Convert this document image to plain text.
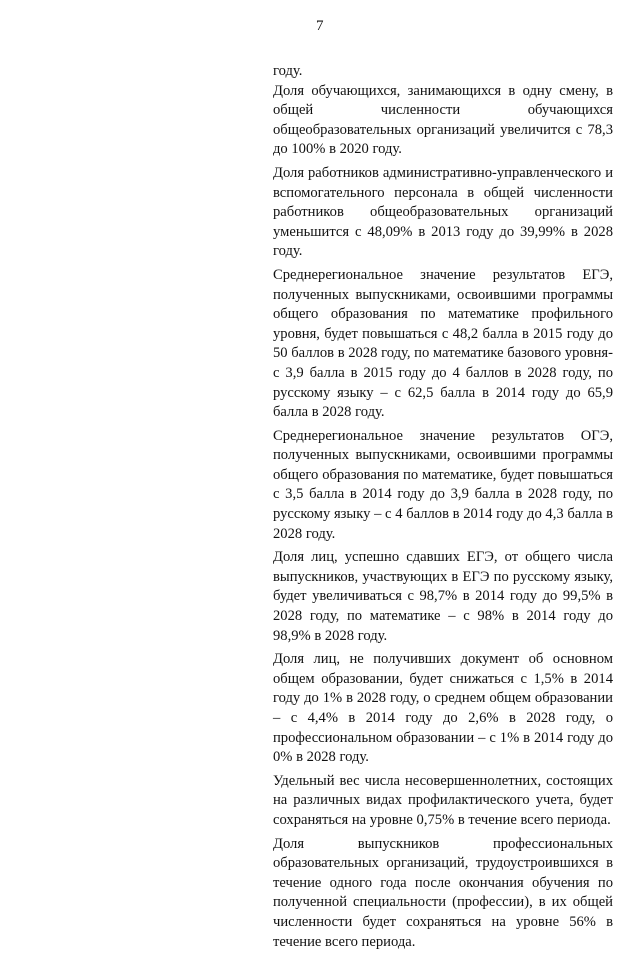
7

году.

Доля обучающихся, занимающихся в одну смену, в общей численности обучающихся общеобразовательных организаций увеличится с 78,3 до 100% в 2020 году.

Доля работников административно-управленческого и вспомогательного персонала в общей численности работников общеобразовательных организаций уменьшится с 48,09% в 2013 году до 39,99% в 2028 году.

Среднерегиональное значение результатов ЕГЭ, полученных выпускниками, освоившими программы общего образования по математике профильного уровня, будет повышаться с 48,2 балла в 2015 году до 50 баллов в 2028 году, по математике базового уровня-с 3,9 балла в 2015 году до 4 баллов в 2028 году, по русскому языку – с 62,5 балла в 2014 году до 65,9 балла в 2028 году.

Среднерегиональное значение результатов ОГЭ, полученных выпускниками, освоившими программы общего образования по математике, будет повышаться с 3,5 балла в 2014 году до 3,9 балла в 2028 году, по русскому языку – с 4 баллов в 2014 году до 4,3 балла в 2028 году.

Доля лиц, успешно сдавших ЕГЭ, от общего числа выпускников, участвующих в ЕГЭ по русскому языку, будет увеличиваться с 98,7% в 2014 году до 99,5% в 2028 году, по математике – с 98% в 2014 году до 98,9% в 2028 году.

Доля лиц, не получивших документ об основном общем образовании, будет снижаться с 1,5% в 2014 году до 1% в 2028 году, о среднем общем образовании – с 4,4% в 2014 году до 2,6% в 2028 году, о профессиональном образовании – с 1% в 2014 году до 0% в 2028 году.

Удельный вес числа несовершеннолетних, состоящих на различных видах профилактического учета, будет сохраняться на уровне 0,75% в течение всего периода.

Доля выпускников профессиональных образовательных организаций, трудоустроившихся в течение одного года после окончания обучения по полученной специальности (профессии), в их общей численности будет сохраняться на уровне 56% в течение всего периода.
